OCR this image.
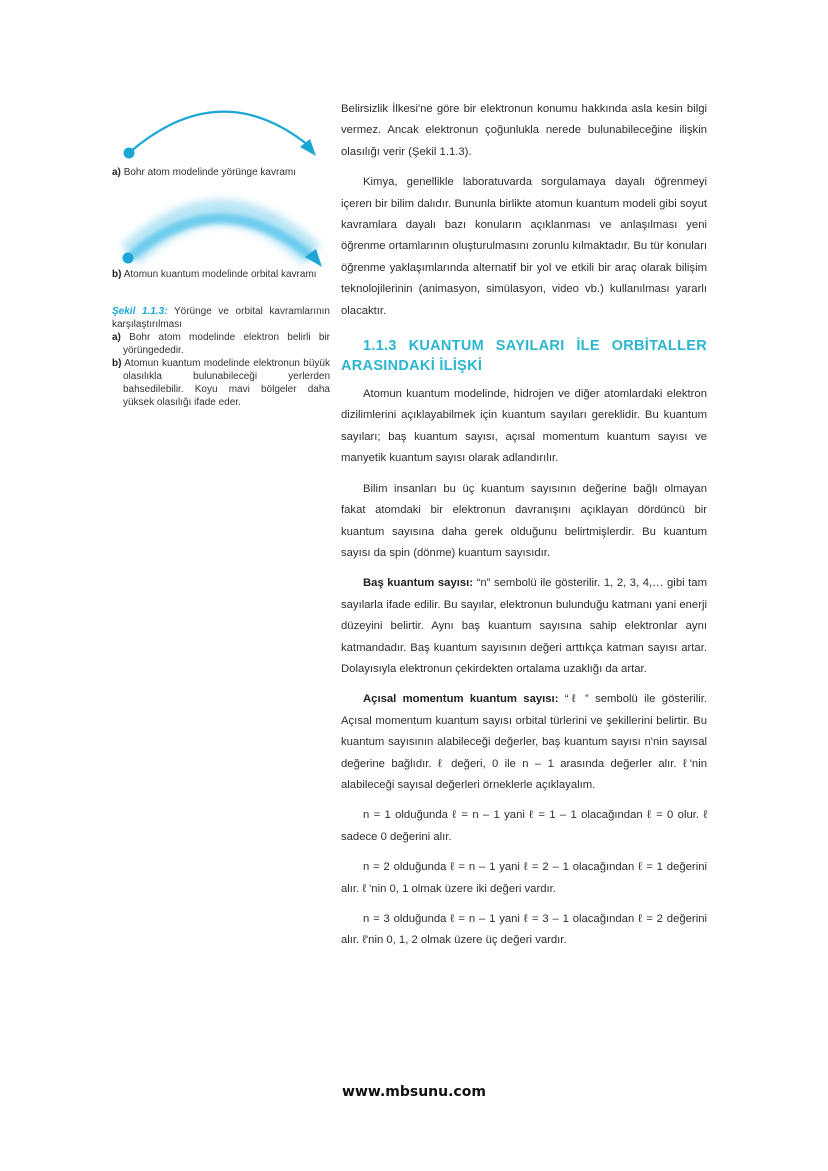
a) Bohr atom modelinde yörünge kavramı
b) Atomun kuantum modelinde orbital kavramı
Şekil 1.1.3: Yörünge ve orbital kavramlarının karşılaştırılması
a) Bohr atom modelinde elektron belirli bir yörüngededir.
b) Atomun kuantum modelinde elektronun büyük olasılıkla bulunabileceği yerlerden bahsedilebilir. Koyu mavi bölgeler daha yüksek olasılığı ifade eder.

Belirsizlik İlkesi'ne göre bir elektronun konumu hakkında asla kesin bilgi vermez. Ancak elektronun çoğunlukla nerede bulunabileceğine ilişkin olasılığı verir (Şekil 1.1.3).

Kimya, genellikle laboratuvarda sorgulamaya dayalı öğrenmeyi içeren bir bilim dalıdır. Bununla birlikte atomun kuantum modeli gibi soyut kavramlara dayalı bazı konuların açıklanması ve anlaşılması yeni öğrenme ortamlarının oluşturulmasını zorunlu kılmaktadır. Bu tür konuları öğrenme yaklaşımlarında alternatif bir yol ve etkili bir araç olarak bilişim teknolojilerinin (animasyon, simülasyon, video vb.) kullanılması yararlı olacaktır.

1.1.3 KUANTUM SAYILARI İLE ORBİTALLER ARASINDAKİ İLİŞKİ

Atomun kuantum modelinde, hidrojen ve diğer atomlardaki elektron dizilimlerini açıklayabilmek için kuantum sayıları gereklidir. Bu kuantum sayıları; baş kuantum sayısı, açısal momentum kuantum sayısı ve manyetik kuantum sayısı olarak adlandırılır.

Bilim insanları bu üç kuantum sayısının değerine bağlı olmayan fakat atomdaki bir elektronun davranışını açıklayan dördüncü bir kuantum sayısına daha gerek olduğunu belirtmişlerdir. Bu kuantum sayısı da spin (dönme) kuantum sayısıdır.

Baş kuantum sayısı: “n” sembolü ile gösterilir. 1, 2, 3, 4,… gibi tam sayılarla ifade edilir. Bu sayılar, elektronun bulunduğu katmanı yani enerji düzeyini belirtir. Aynı baş kuantum sayısına sahip elektronlar aynı katmandadır. Baş kuantum sayısının değeri arttıkça katman sayısı artar. Dolayısıyla elektronun çekirdekten ortalama uzaklığı da artar.

Açısal momentum kuantum sayısı: “ℓ ” sembolü ile gösterilir. Açısal momentum kuantum sayısı orbital türlerini ve şekillerini belirtir. Bu kuantum sayısının alabileceği değerler, baş kuantum sayısı n'nin sayısal değerine bağlıdır. ℓ değeri, 0 ile n – 1 arasında değerler alır. ℓ'nin alabileceği sayısal değerleri örneklerle açıklayalım.

n = 1 olduğunda ℓ = n – 1 yani ℓ = 1 – 1 olacağından ℓ = 0 olur. ℓ sadece 0 değerini alır.

n = 2 olduğunda ℓ = n – 1 yani ℓ = 2 – 1 olacağından ℓ = 1 değerini alır. ℓ 'nin 0, 1 olmak üzere iki değeri vardır.

n = 3 olduğunda ℓ = n – 1 yani ℓ = 3 – 1 olacağından ℓ = 2 değerini alır. ℓ'nin 0, 1, 2 olmak üzere üç değeri vardır.

www.mbsunu.com
